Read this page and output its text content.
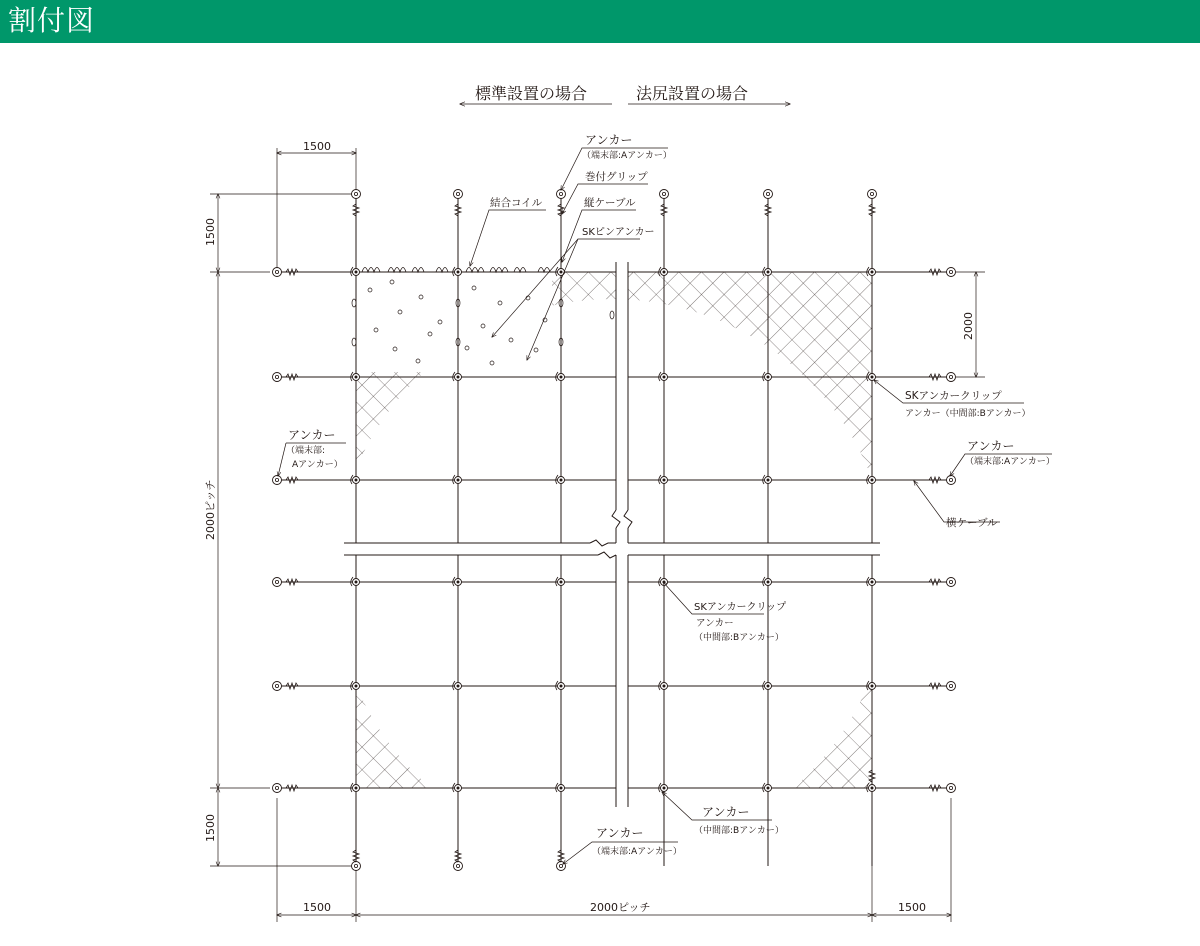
割付図
標準設置の場合	法尻設置の場合
1500
1500
2000ピッチ
1500
2000
1500	2000ピッチ	1500
アンカー
（端末部:Aアンカー）
巻付グリップ
結合コイル	縦ケーブル
SKピンアンカー
SKアンカークリップ
アンカー（中間部:Bアンカー）
アンカー
（端末部:Aアンカー）
横ケーブル
アンカー
（端末部:
Aアンカー）
SKアンカークリップ
アンカー
（中間部:Bアンカー）
アンカー
（中間部:Bアンカー）
アンカー
（端末部:Aアンカー）
